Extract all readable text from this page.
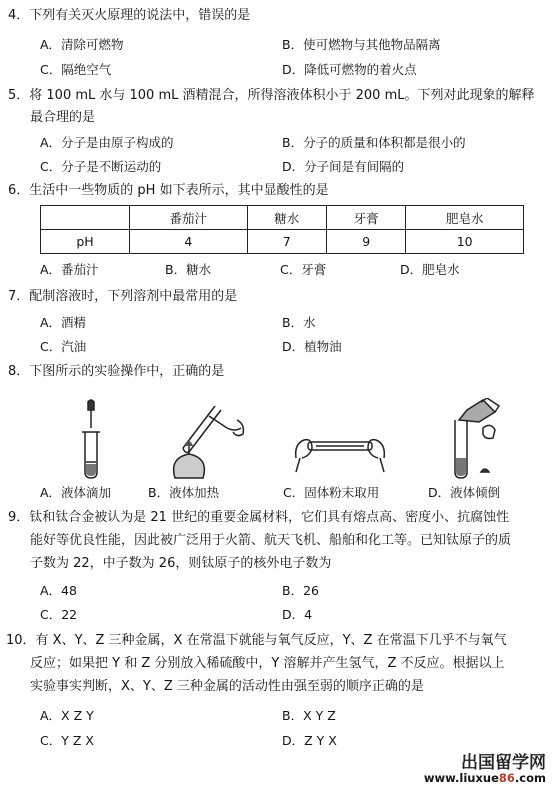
4．下列有关灭火原理的说法中，错误的是
A．清除可燃物	B．使可燃物与其他物品隔离
C．隔绝空气	D．降低可燃物的着火点
5．将 100 mL 水与 100 mL 酒精混合，所得溶液体积小于 200 mL。下列对此现象的解释
最合理的是
A．分子是由原子构成的	B．分子的质量和体积都是很小的
C．分子是不断运动的	D．分子间是有间隔的
6．生活中一些物质的 pH 如下表所示，其中显酸性的是
	番茄汁	糖水	牙膏	肥皂水
pH	4	7	9	10
A．番茄汁	B．糖水	C．牙膏	D．肥皂水
7．配制溶液时，下列溶剂中最常用的是
A．酒精	B．水
C．汽油	D．植物油
8．下图所示的实验操作中，正确的是
A．液体滴加	B．液体加热	C．固体粉末取用	D．液体倾倒
9．钛和钛合金被认为是 21 世纪的重要金属材料，它们具有熔点高、密度小、抗腐蚀性
能好等优良性能，因此被广泛用于火箭、航天飞机、船舶和化工等。已知钛原子的质
子数为 22，中子数为 26，则钛原子的核外电子数为
A．48	B．26
C．22	D．4
10．有 X、Y、Z 三种金属，X 在常温下就能与氧气反应，Y、Z 在常温下几乎不与氧气
反应；如果把 Y 和 Z 分别放入稀硫酸中，Y 溶解并产生氢气，Z 不反应。根据以上
实验事实判断，X、Y、Z 三种金属的活动性由强至弱的顺序正确的是
A．X Z Y	B．X Y Z
C．Y Z X	D．Z Y X
出国留学网
www.liuxue86.com
